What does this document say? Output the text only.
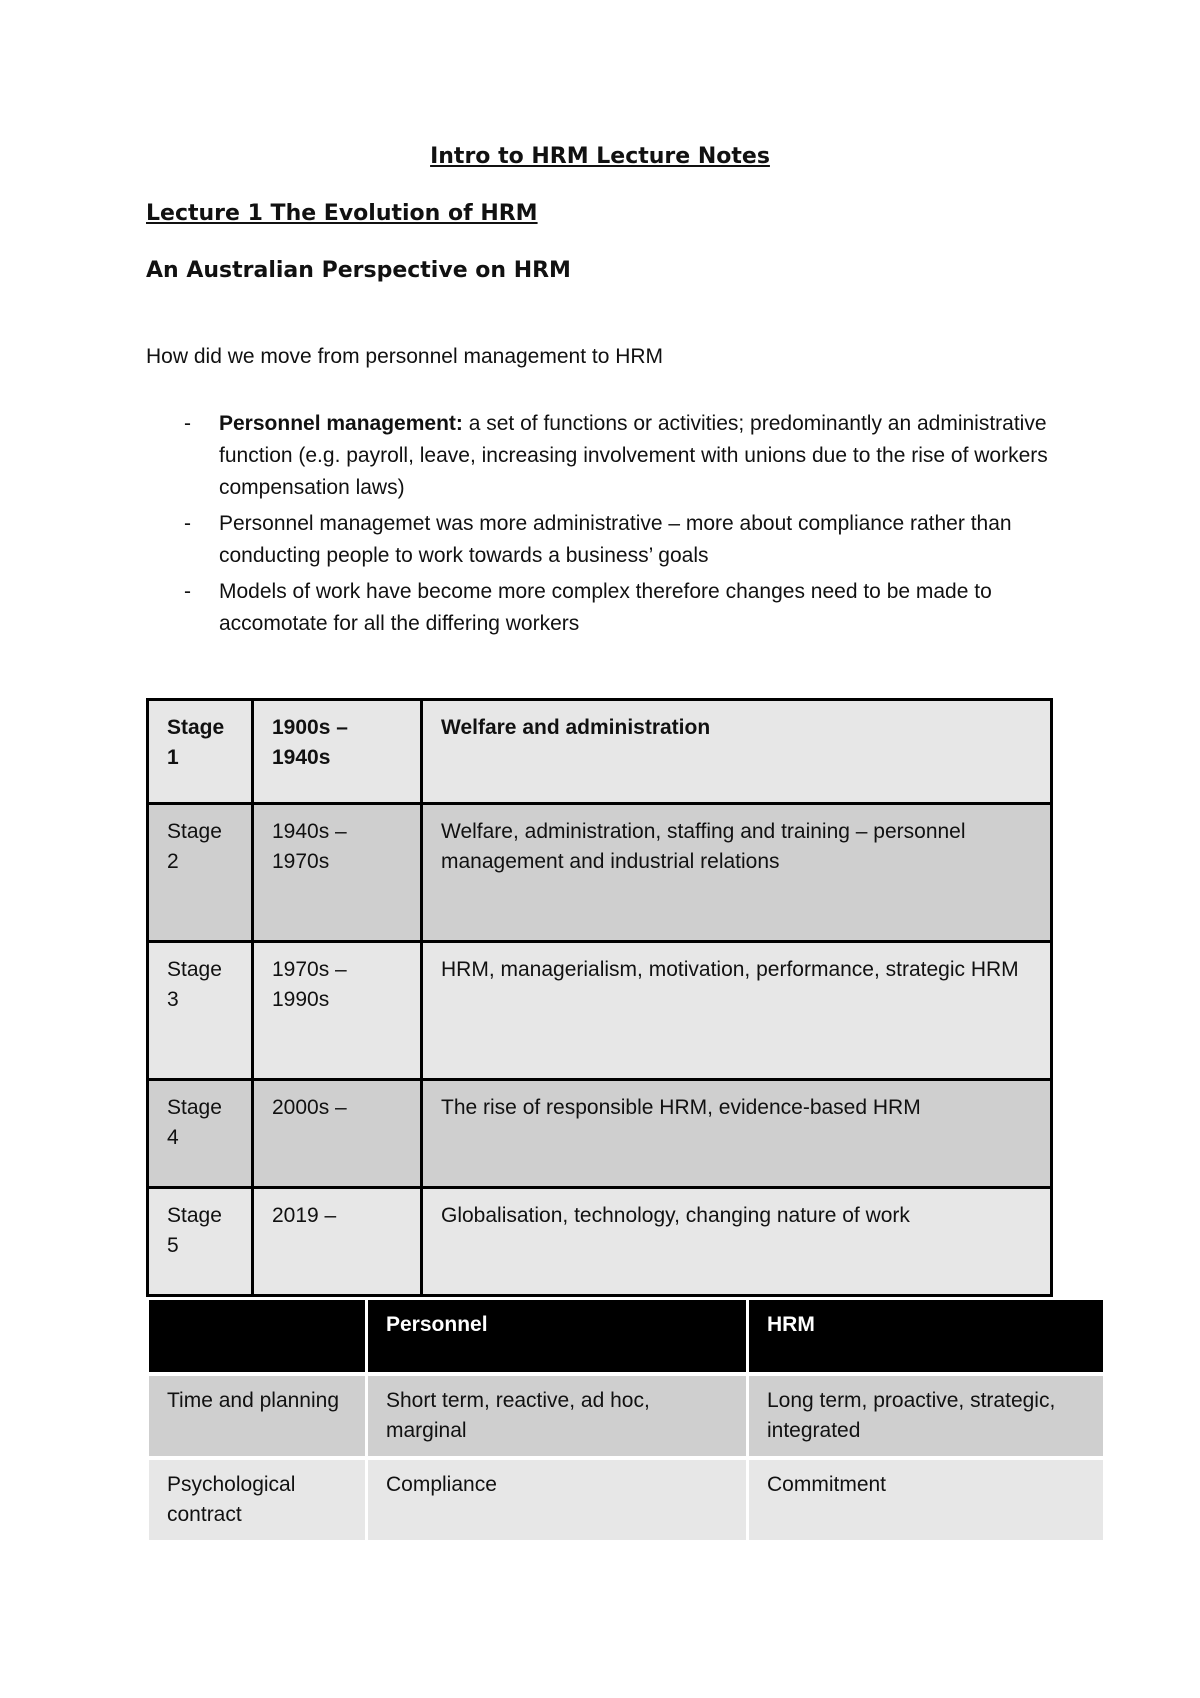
Intro to HRM Lecture Notes
Lecture 1 The Evolution of HRM
An Australian Perspective on HRM

How did we move from personnel management to HRM

- Personnel management: a set of functions or activities; predominantly an administrative function (e.g. payroll, leave, increasing involvement with unions due to the rise of workers compensation laws)
- Personnel managemet was more administrative – more about compliance rather than conducting people to work towards a business’ goals
- Models of work have become more complex therefore changes need to be made to accomotate for all the differing workers
Stage 1	1900s – 1940s	Welfare and administration
Stage 2	1940s – 1970s	Welfare, administration, staffing and training – personnel management and industrial relations
Stage 3	1970s – 1990s	HRM, managerialism, motivation, performance, strategic HRM
Stage 4	2000s –	The rise of responsible HRM, evidence-based HRM
Stage 5	2019 –	Globalisation, technology, changing nature of work
	Personnel	HRM
Time and planning	Short term, reactive, ad hoc, marginal	Long term, proactive, strategic, integrated
Psychological contract	Compliance	Commitment
